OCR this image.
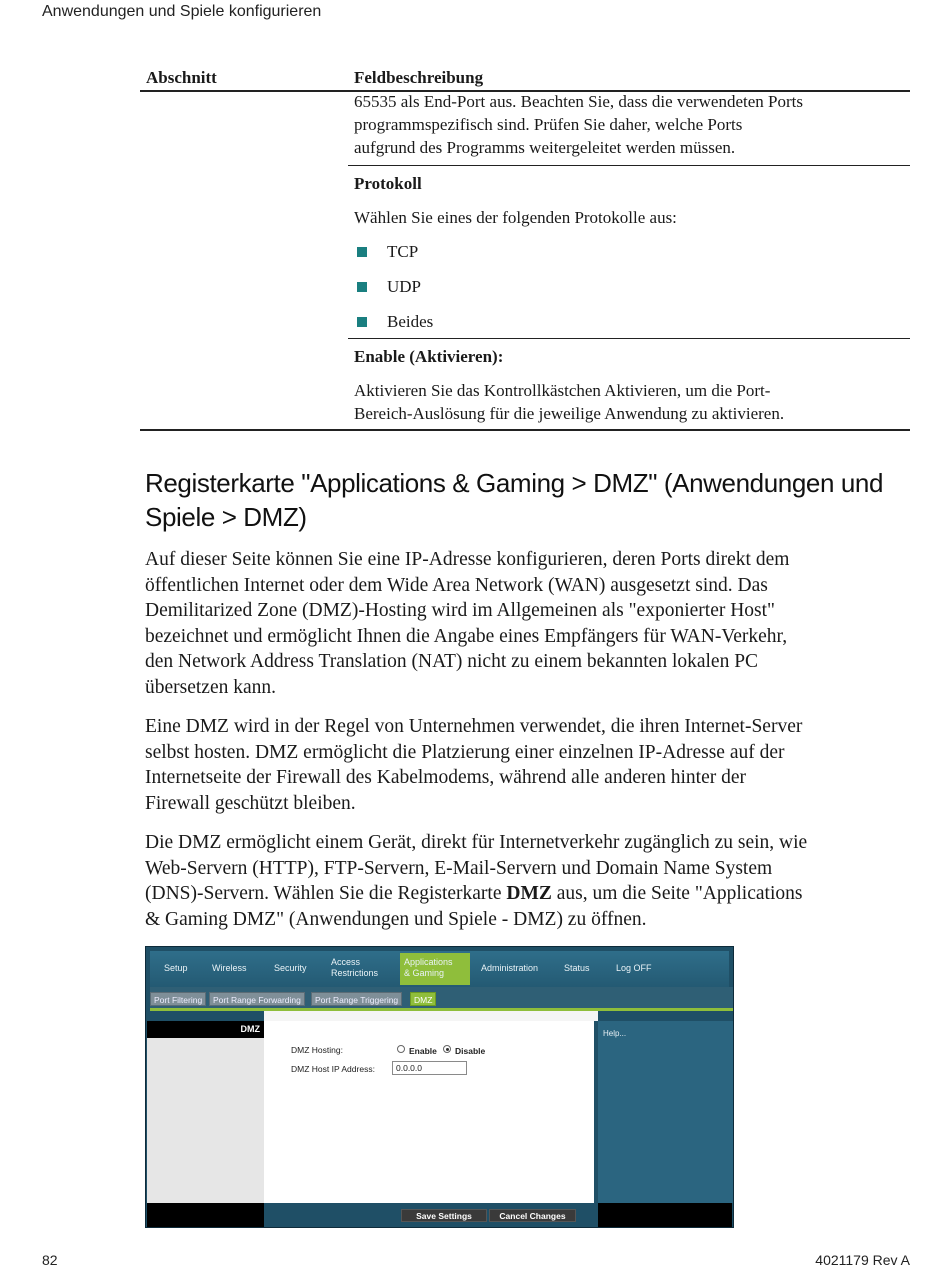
Anwendungen und Spiele konfigurieren
Abschnitt	Feldbeschreibung
65535 als End-Port aus. Beachten Sie, dass die verwendeten Ports
programmspezifisch sind. Prüfen Sie daher, welche Ports
aufgrund des Programms weitergeleitet werden müssen.
Protokoll
Wählen Sie eines der folgenden Protokolle aus:
TCP
UDP
Beides
Enable (Aktivieren):
Aktivieren Sie das Kontrollkästchen Aktivieren, um die Port-
Bereich-Auslösung für die jeweilige Anwendung zu aktivieren.
Registerkarte "Applications & Gaming > DMZ" (Anwendungen und
Spiele > DMZ)
Auf dieser Seite können Sie eine IP-Adresse konfigurieren, deren Ports direkt dem
öffentlichen Internet oder dem Wide Area Network (WAN) ausgesetzt sind. Das
Demilitarized Zone (DMZ)-Hosting wird im Allgemeinen als "exponierter Host"
bezeichnet und ermöglicht Ihnen die Angabe eines Empfängers für WAN-Verkehr,
den Network Address Translation (NAT) nicht zu einem bekannten lokalen PC
übersetzen kann.
Eine DMZ wird in der Regel von Unternehmen verwendet, die ihren Internet-Server
selbst hosten. DMZ ermöglicht die Platzierung einer einzelnen IP-Adresse auf der
Internetseite der Firewall des Kabelmodems, während alle anderen hinter der
Firewall geschützt bleiben.
Die DMZ ermöglicht einem Gerät, direkt für Internetverkehr zugänglich zu sein, wie
Web-Servern (HTTP), FTP-Servern, E-Mail-Servern und Domain Name System
(DNS)-Servern. Wählen Sie die Registerkarte DMZ aus, um die Seite "Applications
& Gaming DMZ" (Anwendungen und Spiele - DMZ) zu öffnen.
Setup	Wireless	Security
Access
Restrictions
Applications
& Gaming	Administration	Status	Log OFF
Port Filtering	Port Range Forwarding	Port Range Triggering	DMZ
DMZ	Help...
DMZ Hosting:	Enable Disable
DMZ Host IP Address:	0.0.0.0
Save Settings	Cancel Changes
82	4021179 Rev A
